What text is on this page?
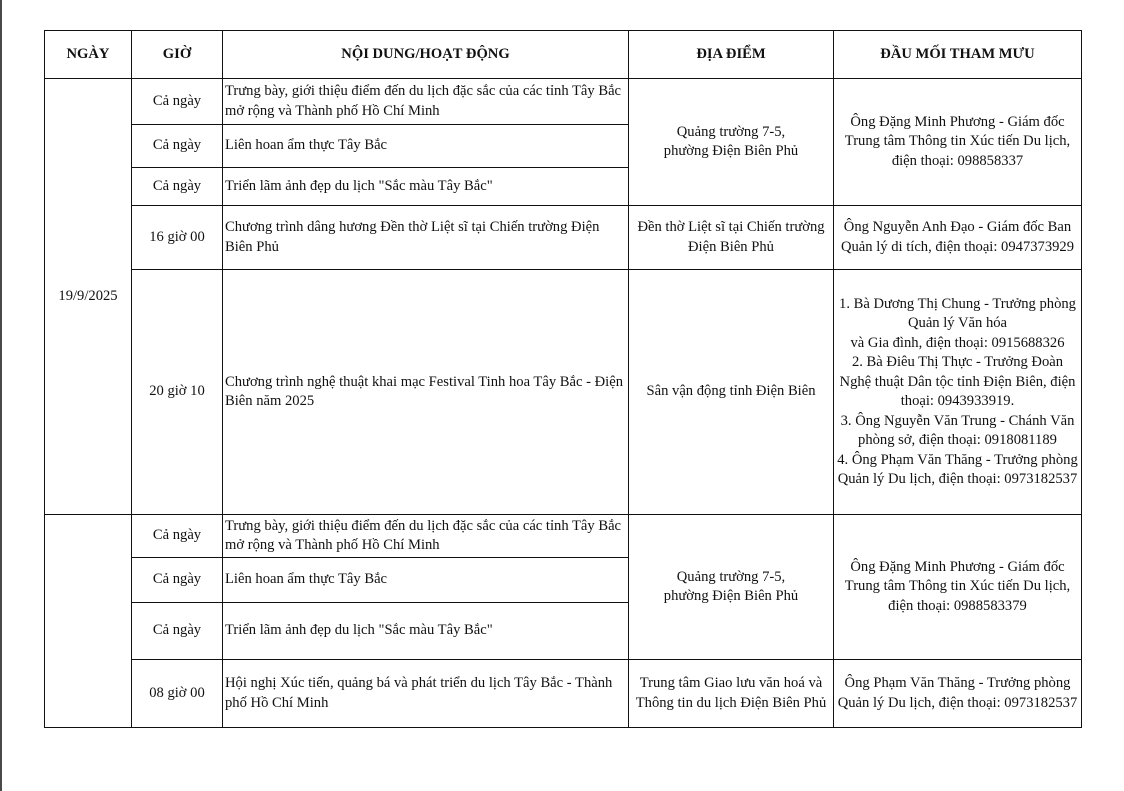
NGÀY	GIỜ	NỘI DUNG/HOẠT ĐỘNG	ĐỊA ĐIỂM	ĐẦU MỐI THAM MƯU
19/9/2025	Cả ngày	Trưng bày, giới thiệu điểm đến du lịch đặc sắc của các tỉnh Tây Bắc mở rộng và Thành phố Hồ Chí Minh	Quảng trường 7-5,
phường Điện Biên Phủ	Ông Đặng Minh Phương - Giám đốc Trung tâm Thông tin Xúc tiến Du lịch, điện thoại: 098858337
	Cả ngày	Liên hoan ẩm thực Tây Bắc		
	Cả ngày	Triển lãm ảnh đẹp du lịch "Sắc màu Tây Bắc"		
	16 giờ 00	Chương trình dâng hương Đền thờ Liệt sĩ tại Chiến trường Điện Biên Phủ	Đền thờ Liệt sĩ tại Chiến trường Điện Biên Phủ	Ông Nguyễn Anh Đạo - Giám đốc Ban Quản lý di tích, điện thoại: 0947373929
	20 giờ 10	Chương trình nghệ thuật khai mạc Festival Tinh hoa Tây Bắc - Điện Biên năm 2025	Sân vận động tỉnh Điện Biên	1. Bà Dương Thị Chung - Trưởng phòng Quản lý Văn hóa
và Gia đình, điện thoại: 0915688326
2. Bà Điêu Thị Thực - Trưởng Đoàn Nghệ thuật Dân tộc tỉnh Điện Biên, điện thoại: 0943933919.
3. Ông Nguyễn Văn Trung - Chánh Văn phòng sở, điện thoại: 0918081189
4. Ông Phạm Văn Thăng - Trưởng phòng Quản lý Du lịch, điện thoại: 0973182537
	Cả ngày	Trưng bày, giới thiệu điểm đến du lịch đặc sắc của các tỉnh Tây Bắc mở rộng và Thành phố Hồ Chí Minh	Quảng trường 7-5,
phường Điện Biên Phủ	Ông Đặng Minh Phương - Giám đốc Trung tâm Thông tin Xúc tiến Du lịch, điện thoại: 0988583379
	Cả ngày	Liên hoan ẩm thực Tây Bắc		
	Cả ngày	Triển lãm ảnh đẹp du lịch "Sắc màu Tây Bắc"		
	08 giờ 00	Hội nghị Xúc tiến, quảng bá và phát triển du lịch Tây Bắc - Thành phố Hồ Chí Minh	Trung tâm Giao lưu văn hoá và Thông tin du lịch Điện Biên Phủ	Ông Phạm Văn Thăng - Trưởng phòng Quản lý Du lịch, điện thoại: 0973182537
